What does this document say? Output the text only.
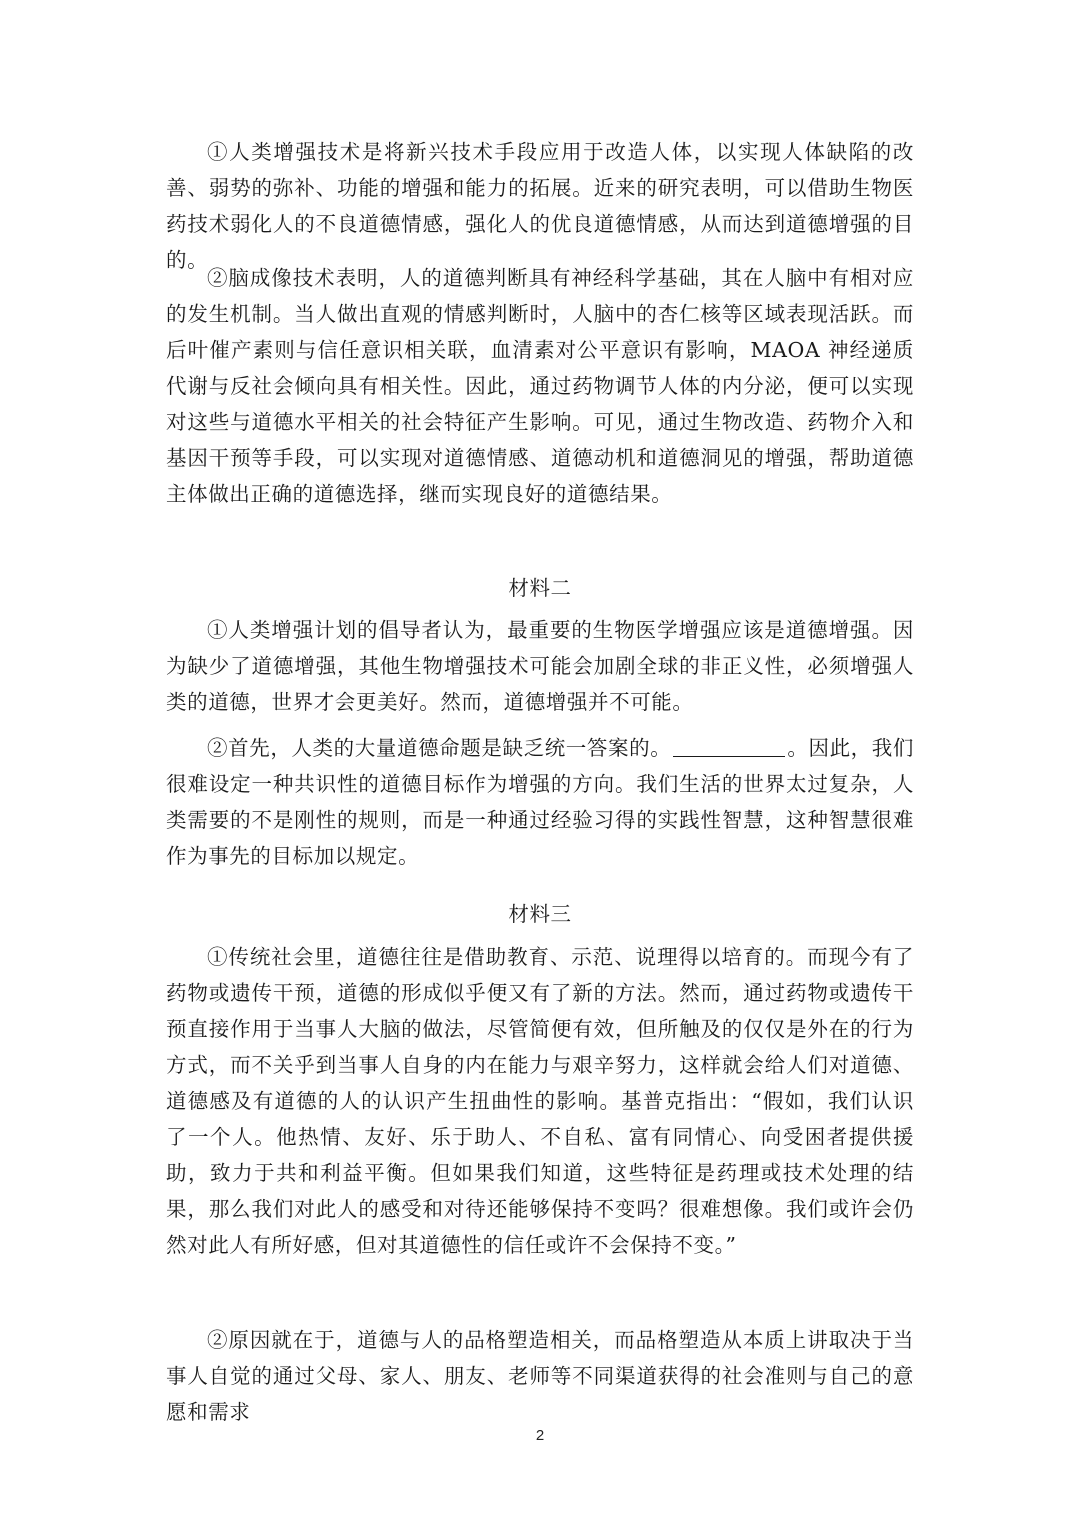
①人类增强技术是将新兴技术手段应用于改造人体，以实现人体缺陷的改善、弱势的弥补、功能的增强和能力的拓展。近来的研究表明，可以借助生物医药技术弱化人的不良道德情感，强化人的优良道德情感，从而达到道德增强的目的。

②脑成像技术表明，人的道德判断具有神经科学基础，其在人脑中有相对应的发生机制。当人做出直观的情感判断时，人脑中的杏仁核等区域表现活跃。而后叶催产素则与信任意识相关联，血清素对公平意识有影响，MAOA 神经递质代谢与反社会倾向具有相关性。因此，通过药物调节人体的内分泌，便可以实现对这些与道德水平相关的社会特征产生影响。可见，通过生物改造、药物介入和基因干预等手段，可以实现对道德情感、道德动机和道德洞见的增强，帮助道德主体做出正确的道德选择，继而实现良好的道德结果。

材料二

①人类增强计划的倡导者认为，最重要的生物医学增强应该是道德增强。因为缺少了道德增强，其他生物增强技术可能会加剧全球的非正义性，必须增强人类的道德，世界才会更美好。然而，道德增强并不可能。

②首先，人类的大量道德命题是缺乏统一答案的。	。因此，我们很难设定一种共识性的道德目标作为增强的方向。我们生活的世界太过复杂，人类需要的不是刚性的规则，而是一种通过经验习得的实践性智慧，这种智慧很难作为事先的目标加以规定。

材料三

①传统社会里，道德往往是借助教育、示范、说理得以培育的。而现今有了药物或遗传干预，道德的形成似乎便又有了新的方法。然而，通过药物或遗传干预直接作用于当事人大脑的做法，尽管简便有效，但所触及的仅仅是外在的行为方式，而不关乎到当事人自身的内在能力与艰辛努力，这样就会给人们对道德、道德感及有道德的人的认识产生扭曲性的影响。基普克指出：“假如，我们认识了一个人。他热情、友好、乐于助人、不自私、富有同情心、向受困者提供援助，致力于共和利益平衡。但如果我们知道，这些特征是药理或技术处理的结果，那么我们对此人的感受和对待还能够保持不变吗？很难想像。我们或许会仍然对此人有所好感，但对其道德性的信任或许不会保持不变。”

②原因就在于，道德与人的品格塑造相关，而品格塑造从本质上讲取决于当事人自觉的通过父母、家人、朋友、老师等不同渠道获得的社会准则与自己的意愿和需求

2
